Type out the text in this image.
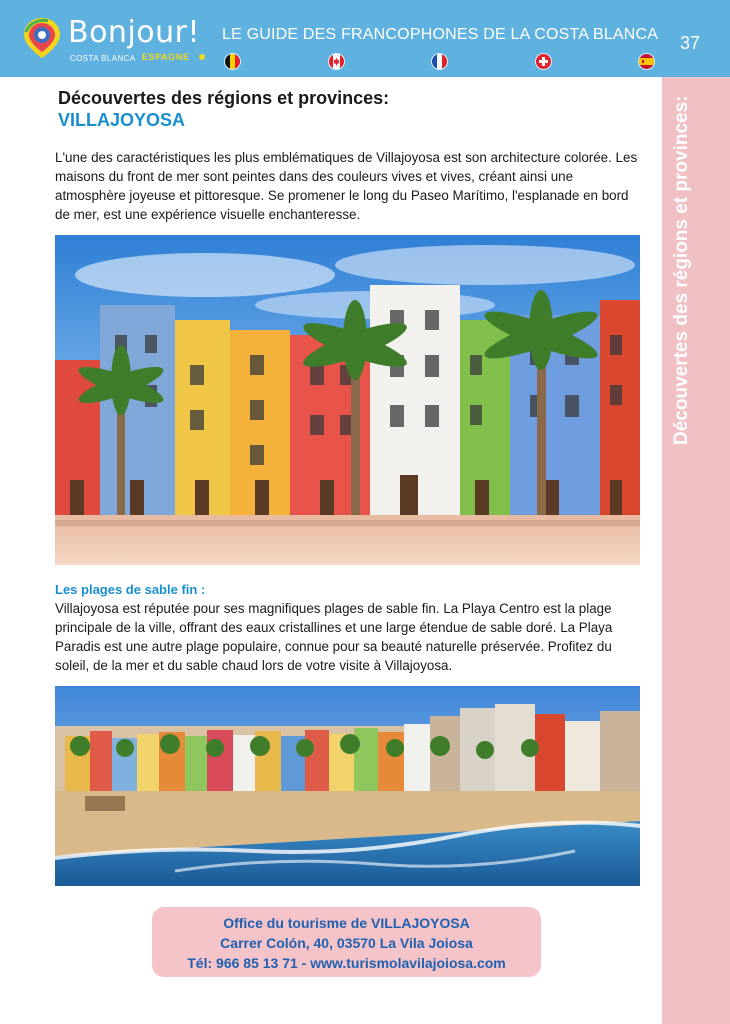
Bonjour!
COSTA BLANCA ESPAGNE
LE GUIDE DES FRANCOPHONES DE LA COSTA BLANCA 37
Découvertes des régions et provinces:
Découvertes des régions et provinces:
VILLAJOYOSA
L'une des caractéristiques les plus emblématiques de Villajoyosa est son architecture colorée. Les maisons du front de mer sont peintes dans des couleurs vives et vives, créant ainsi une atmosphère joyeuse et pittoresque. Se promener le long du Paseo Marítimo, l'esplanade en bord de mer, est une expérience visuelle enchanteresse.
Les plages de sable fin :
Villajoyosa est réputée pour ses magnifiques plages de sable fin. La Playa Centro est la plage principale de la ville, offrant des eaux cristallines et une large étendue de sable doré. La Playa Paradis est une autre plage populaire, connue pour sa beauté naturelle préservée. Profitez du soleil, de la mer et du sable chaud lors de votre visite à Villajoyosa.
Office du tourisme de VILLAJOYOSA
Carrer Colón, 40, 03570 La Vila Joiosa
Tél: 966 85 13 71 - www.turismolavilajoiosa.com
